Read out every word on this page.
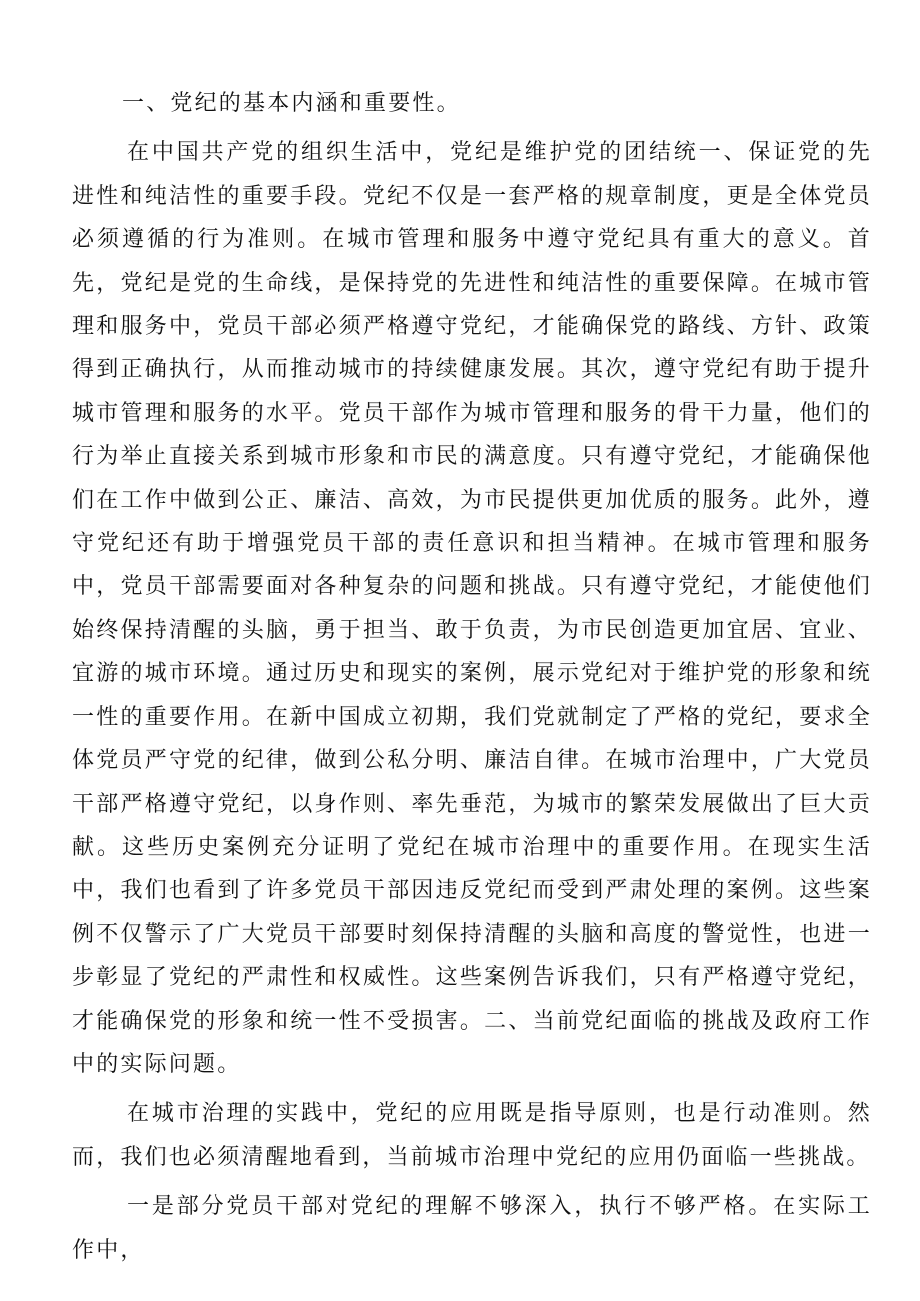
一、党纪的基本内涵和重要性。

在中国共产党的组织生活中，党纪是维护党的团结统一、保证党的先进性和纯洁性的重要手段。党纪不仅是一套严格的规章制度，更是全体党员必须遵循的行为准则。在城市管理和服务中遵守党纪具有重大的意义。首先，党纪是党的生命线，是保持党的先进性和纯洁性的重要保障。在城市管理和服务中，党员干部必须严格遵守党纪，才能确保党的路线、方针、政策得到正确执行，从而推动城市的持续健康发展。其次，遵守党纪有助于提升城市管理和服务的水平。党员干部作为城市管理和服务的骨干力量，他们的行为举止直接关系到城市形象和市民的满意度。只有遵守党纪，才能确保他们在工作中做到公正、廉洁、高效，为市民提供更加优质的服务。此外，遵守党纪还有助于增强党员干部的责任意识和担当精神。在城市管理和服务中，党员干部需要面对各种复杂的问题和挑战。只有遵守党纪，才能使他们始终保持清醒的头脑，勇于担当、敢于负责，为市民创造更加宜居、宜业、宜游的城市环境。通过历史和现实的案例，展示党纪对于维护党的形象和统一性的重要作用。在新中国成立初期，我们党就制定了严格的党纪，要求全体党员严守党的纪律，做到公私分明、廉洁自律。在城市治理中，广大党员干部严格遵守党纪，以身作则、率先垂范，为城市的繁荣发展做出了巨大贡献。这些历史案例充分证明了党纪在城市治理中的重要作用。在现实生活中，我们也看到了许多党员干部因违反党纪而受到严肃处理的案例。这些案例不仅警示了广大党员干部要时刻保持清醒的头脑和高度的警觉性，也进一步彰显了党纪的严肃性和权威性。这些案例告诉我们，只有严格遵守党纪，才能确保党的形象和统一性不受损害。二、当前党纪面临的挑战及政府工作中的实际问题。

在城市治理的实践中，党纪的应用既是指导原则，也是行动准则。然而，我们也必须清醒地看到，当前城市治理中党纪的应用仍面临一些挑战。

一是部分党员干部对党纪的理解不够深入，执行不够严格。在实际工作中，
